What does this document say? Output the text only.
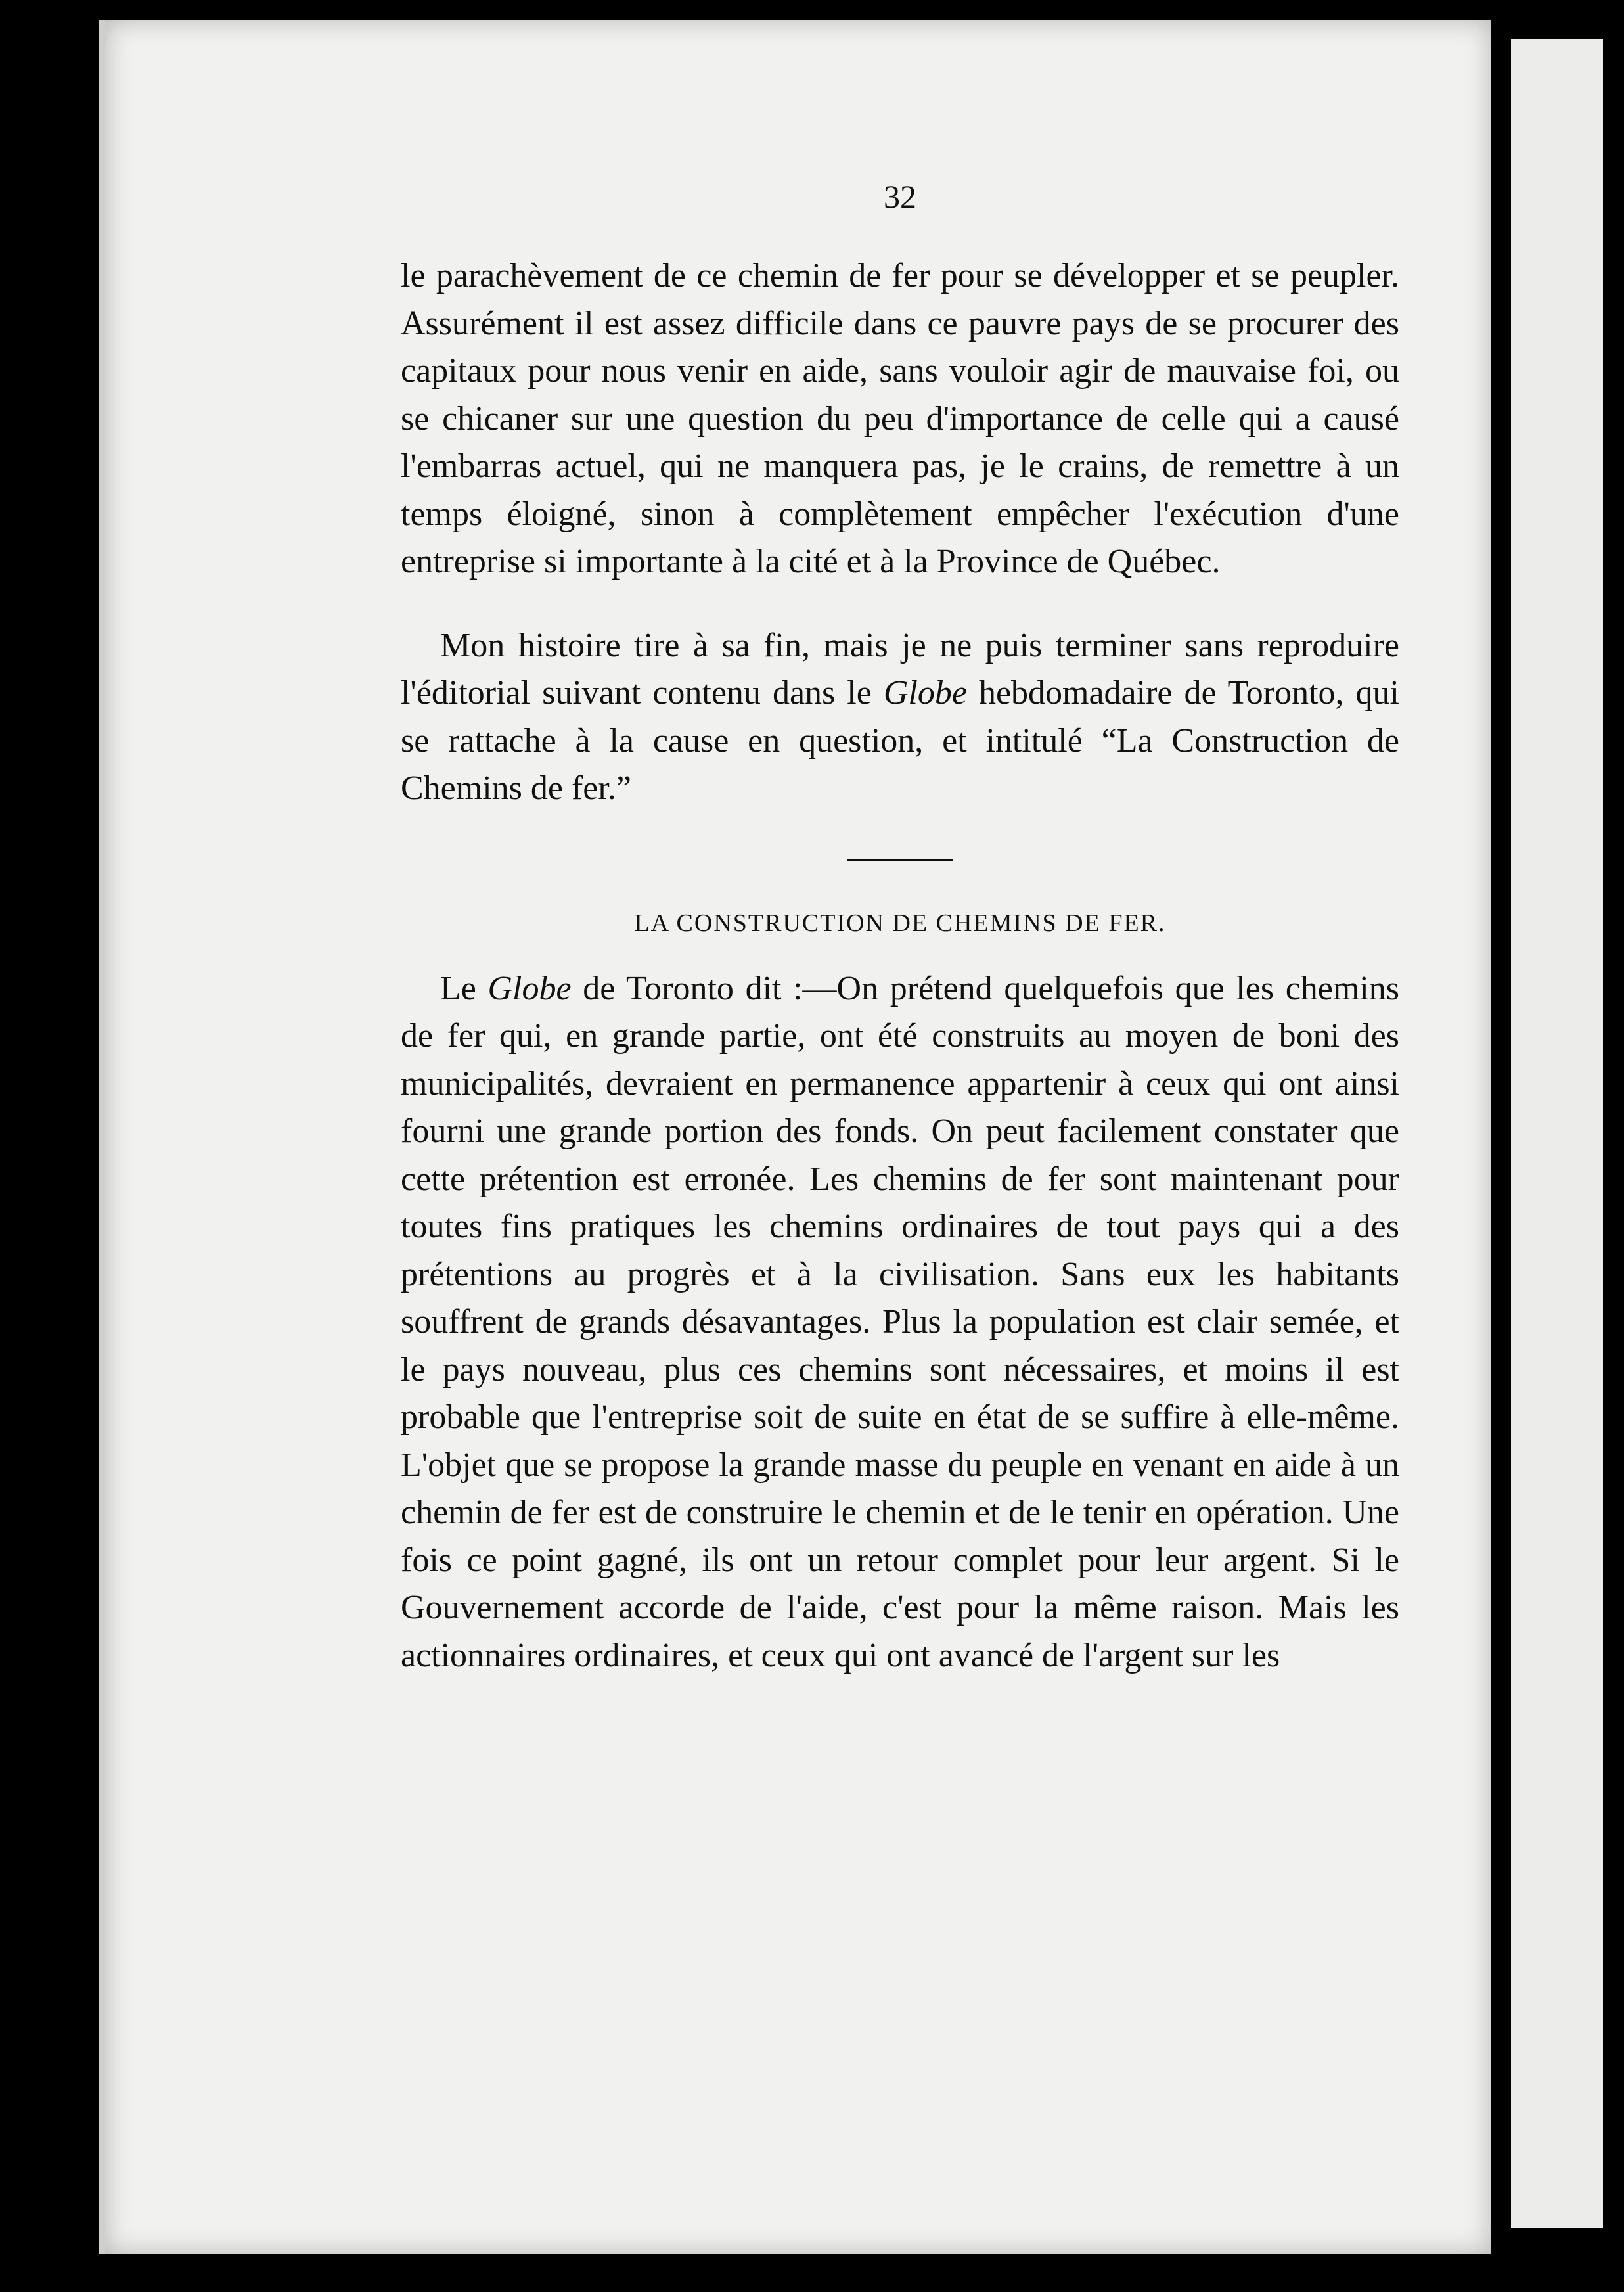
32

le parachèvement de ce chemin de fer pour se développer et se peupler. Assurément il est assez difficile dans ce pauvre pays de se procurer des capitaux pour nous venir en aide, sans vouloir agir de mauvaise foi, ou se chicaner sur une question du peu d'importance de celle qui a causé l'embarras actuel, qui ne manquera pas, je le crains, de remettre à un temps éloigné, sinon à complètement empêcher l'exécution d'une entreprise si importante à la cité et à la Province de Québec.

Mon histoire tire à sa fin, mais je ne puis terminer sans reproduire l'éditorial suivant contenu dans le Globe hebdomadaire de Toronto, qui se rattache à la cause en question, et intitulé “La Construction de Chemins de fer.”

LA CONSTRUCTION DE CHEMINS DE FER.

Le Globe de Toronto dit :—On prétend quelquefois que les chemins de fer qui, en grande partie, ont été construits au moyen de boni des municipalités, devraient en permanence appartenir à ceux qui ont ainsi fourni une grande portion des fonds. On peut facilement constater que cette prétention est erronée. Les chemins de fer sont maintenant pour toutes fins pratiques les chemins ordinaires de tout pays qui a des prétentions au progrès et à la civilisation. Sans eux les habitants souffrent de grands désavantages. Plus la population est clair semée, et le pays nouveau, plus ces chemins sont nécessaires, et moins il est probable que l'entreprise soit de suite en état de se suffire à elle-même. L'objet que se propose la grande masse du peuple en venant en aide à un chemin de fer est de construire le chemin et de le tenir en opération. Une fois ce point gagné, ils ont un retour complet pour leur argent. Si le Gouvernement accorde de l'aide, c'est pour la même raison. Mais les actionnaires ordinaires, et ceux qui ont avancé de l'argent sur les
